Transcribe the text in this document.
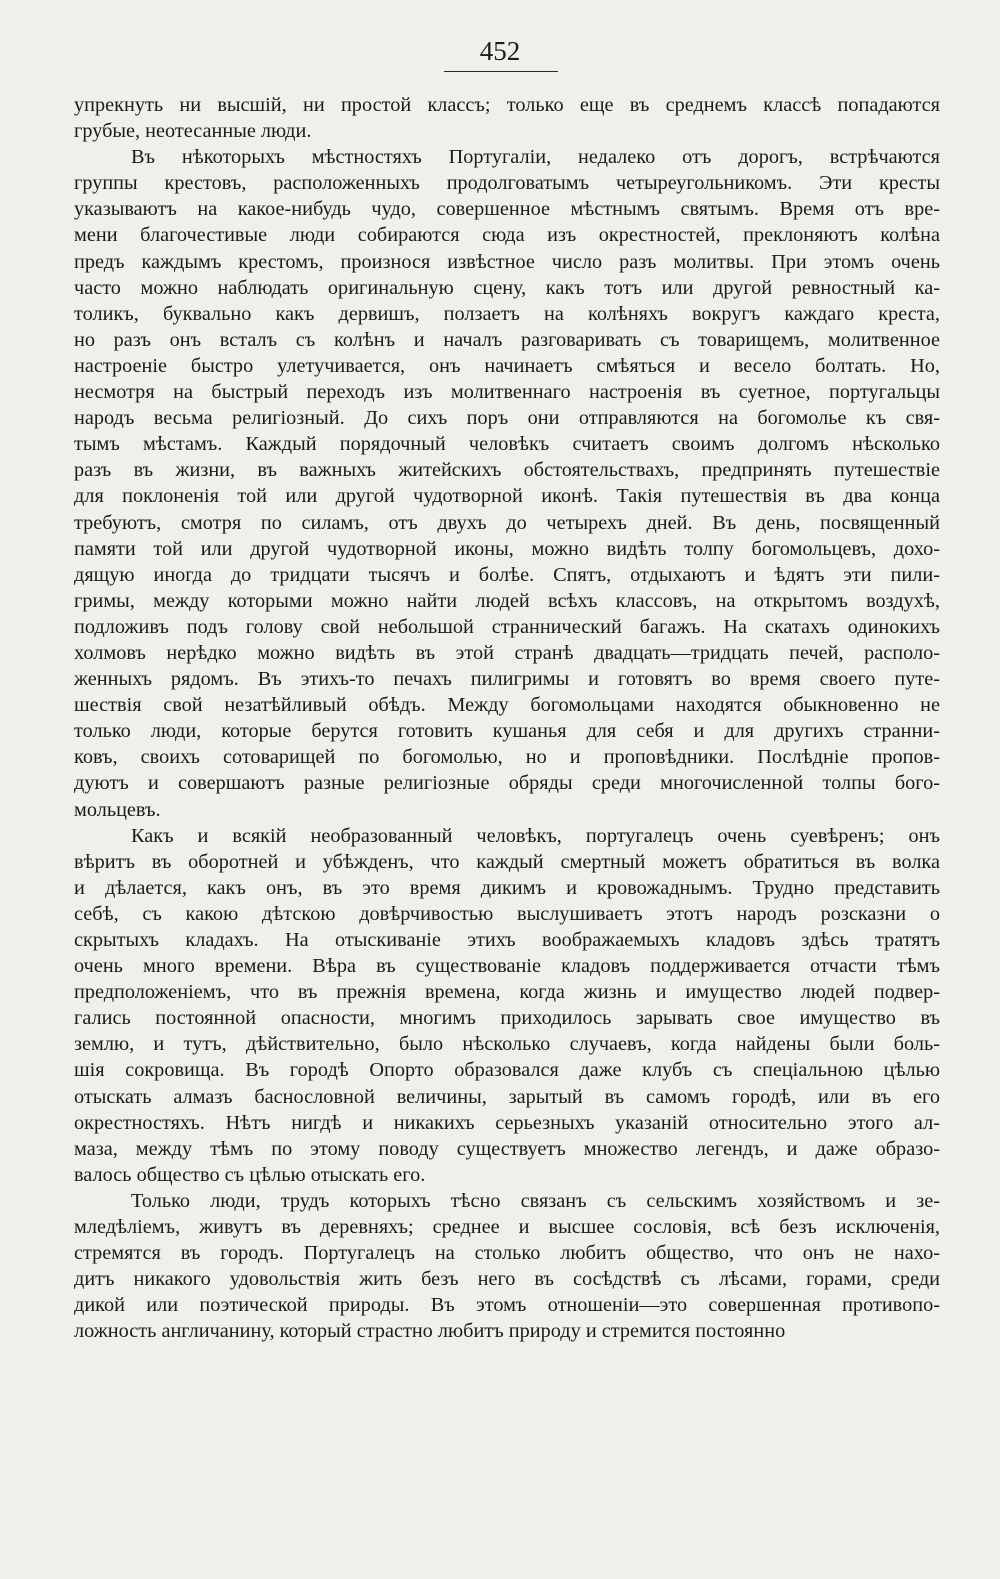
452
упрекнуть ни высшій, ни простой классъ; только еще въ среднемъ классѣ попадаются
грубые, неотесанные люди.
Въ нѣкоторыхъ мѣстностяхъ Португаліи, недалеко отъ дорогъ, встрѣчаются
группы крестовъ, расположенныхъ продолговатымъ четыреугольникомъ. Эти кресты
указываютъ на какое-нибудь чудо, совершенное мѣстнымъ святымъ. Время отъ вре-
мени благочестивые люди собираются сюда изъ окрестностей, преклоняютъ колѣна
предъ каждымъ крестомъ, произнося извѣстное число разъ молитвы. При этомъ очень
часто можно наблюдать оригинальную сцену, какъ тотъ или другой ревностный ка-
толикъ, буквально какъ дервишъ, ползаетъ на колѣняхъ вокругъ каждаго креста,
но разъ онъ всталъ съ колѣнъ и началъ разговаривать съ товарищемъ, молитвенное
настроеніе быстро улетучивается, онъ начинаетъ смѣяться и весело болтать. Но,
несмотря на быстрый переходъ изъ молитвеннаго настроенія въ суетное, португальцы
народъ весьма религіозный. До сихъ поръ они отправляются на богомолье къ свя-
тымъ мѣстамъ. Каждый порядочный человѣкъ считаетъ своимъ долгомъ нѣсколько
разъ въ жизни, въ важныхъ житейскихъ обстоятельствахъ, предпринять путешествіе
для поклоненія той или другой чудотворной иконѣ. Такія путешествія въ два конца
требуютъ, смотря по силамъ, отъ двухъ до четырехъ дней. Въ день, посвященный
памяти той или другой чудотворной иконы, можно видѣть толпу богомольцевъ, дохо-
дящую иногда до тридцати тысячъ и болѣе. Спятъ, отдыхаютъ и ѣдятъ эти пили-
гримы, между которыми можно найти людей всѣхъ классовъ, на открытомъ воздухѣ,
подложивъ подъ голову свой небольшой страннический багажъ. На скатахъ одинокихъ
холмовъ нерѣдко можно видѣть въ этой странѣ двадцать—тридцать печей, располо-
женныхъ рядомъ. Въ этихъ-то печахъ пилигримы и готовятъ во время своего путе-
шествія свой незатѣйливый обѣдъ. Между богомольцами находятся обыкновенно не
только люди, которые берутся готовить кушанья для себя и для другихъ странни-
ковъ, своихъ сотоварищей по богомолью, но и проповѣдники. Послѣдніе пропов-
дуютъ и совершаютъ разные религіозные обряды среди многочисленной толпы бого-
мольцевъ.
Какъ и всякій необразованный человѣкъ, португалецъ очень суевѣренъ; онъ
вѣритъ въ оборотней и убѣжденъ, что каждый смертный можетъ обратиться въ волка
и дѣлается, какъ онъ, въ это время дикимъ и кровожаднымъ. Трудно представить
себѣ, съ какою дѣтскою довѣрчивостью выслушиваетъ этотъ народъ розсказни о
скрытыхъ кладахъ. На отыскиваніе этихъ воображаемыхъ кладовъ здѣсь тратятъ
очень много времени. Вѣра въ существованіе кладовъ поддерживается отчасти тѣмъ
предположеніемъ, что въ прежнія времена, когда жизнь и имущество людей подвер-
гались постоянной опасности, многимъ приходилось зарывать свое имущество въ
землю, и тутъ, дѣйствительно, было нѣсколько случаевъ, когда найдены были боль-
шія сокровища. Въ городѣ Опорто образовался даже клубъ съ спеціальною цѣлью
отыскать алмазъ баснословной величины, зарытый въ самомъ городѣ, или въ его
окрестностяхъ. Нѣтъ нигдѣ и никакихъ серьезныхъ указаній относительно этого ал-
маза, между тѣмъ по этому поводу существуетъ множество легендъ, и даже образо-
валось общество съ цѣлью отыскать его.
Только люди, трудъ которыхъ тѣсно связанъ съ сельскимъ хозяйствомъ и зе-
мледѣліемъ, живутъ въ деревняхъ; среднее и высшее сословія, всѣ безъ исключенія,
стремятся въ городъ. Португалецъ на столько любитъ общество, что онъ не нахо-
дитъ никакого удовольствія жить безъ него въ сосѣдствѣ съ лѣсами, горами, среди
дикой или поэтической природы. Въ этомъ отношеніи—это совершенная противопо-
ложность англичанину, который страстно любитъ природу и стремится постоянно
